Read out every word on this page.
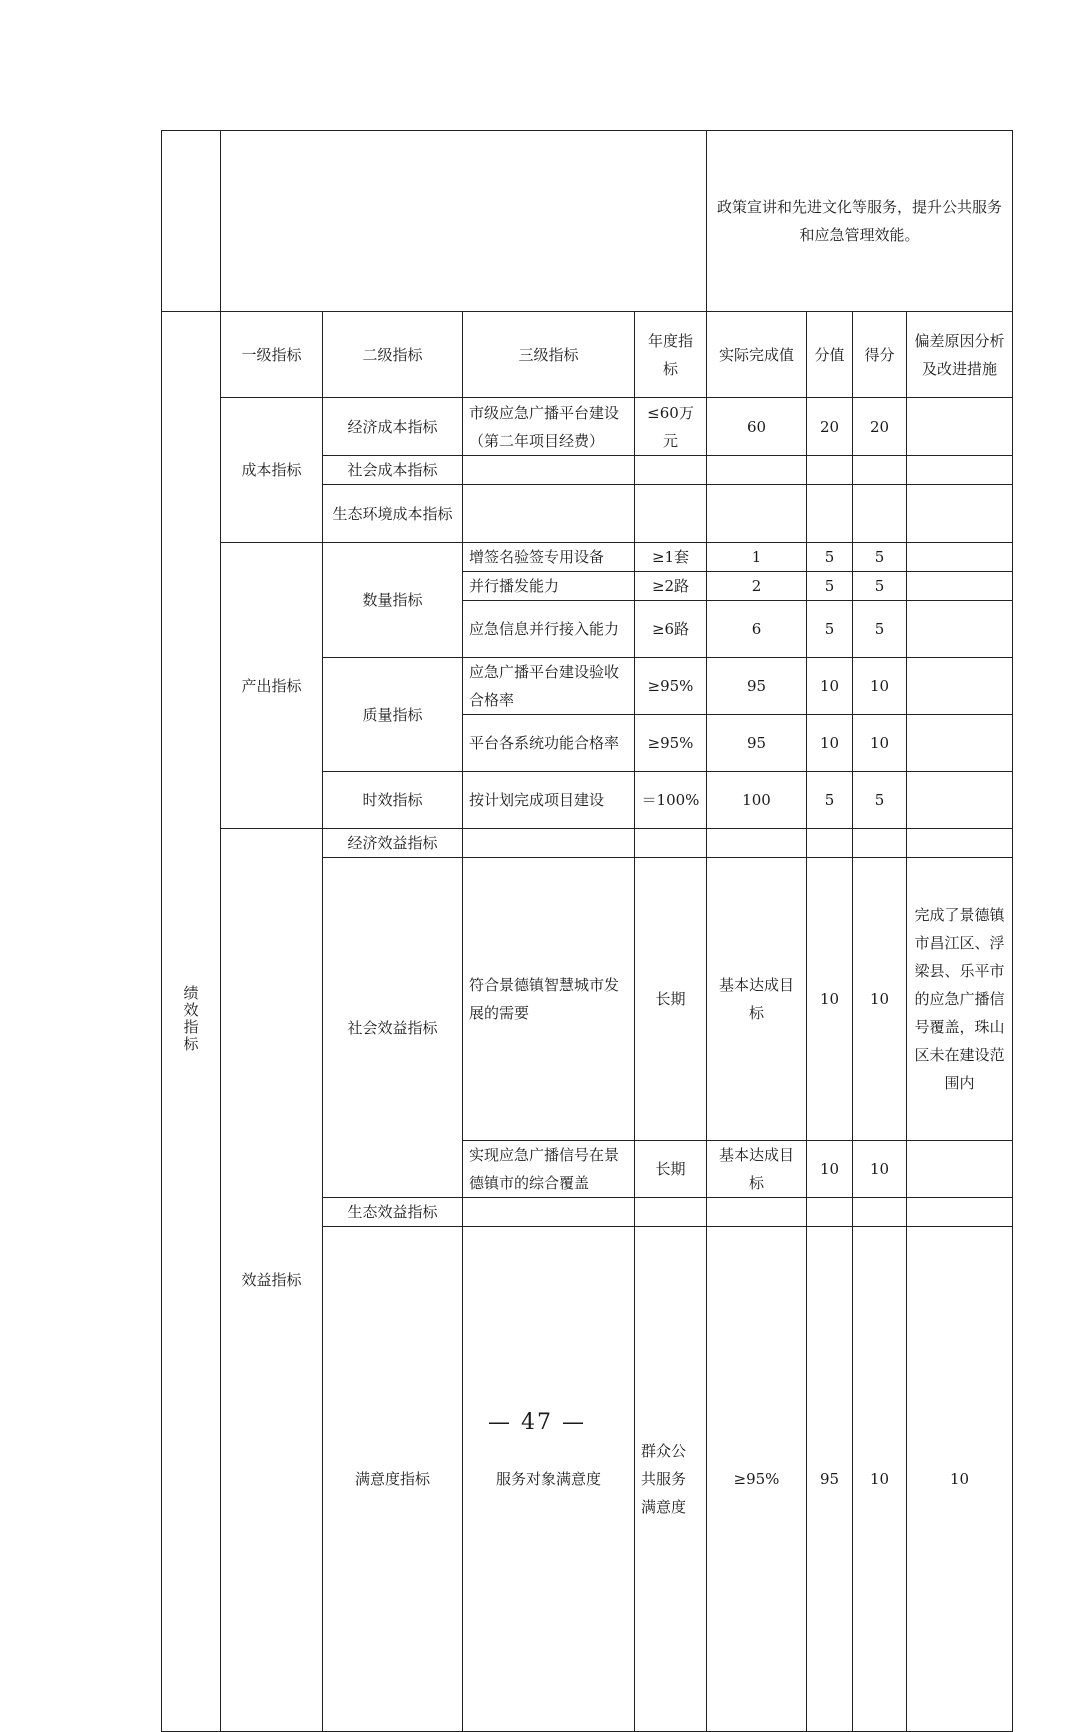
					政策宣讲和先进文化等服务，提升公共服务和应急管理效能。				
绩效指标	一级指标	二级指标	三级指标	年度指标	实际完成值	分值	得分	偏差原因分析及改进措施	
	成本指标	经济成本指标	市级应急广播平台建设（第二年项目经费）	≤60万元	60	20	20		
		社会成本指标							
		生态环境成本指标							
	产出指标	数量指标	增签名验签专用设备	≥1套	1	5	5		
			并行播发能力	≥2路	2	5	5		
			应急信息并行接入能力	≥6路	6	5	5		
		质量指标	应急广播平台建设验收合格率	≥95%	95	10	10		
			平台各系统功能合格率	≥95%	95	10	10		
		时效指标	按计划完成项目建设	＝100%	100	5	5		
	效益指标	经济效益指标							
		社会效益指标	符合景德镇智慧城市发展的需要	长期	基本达成目标	10	10	完成了景德镇市昌江区、浮梁县、乐平市的应急广播信号覆盖，珠山区未在建设范围内	
			实现应急广播信号在景德镇市的综合覆盖	长期	基本达成目标	10	10		
		生态效益指标							
		满意度指标	服务对象满意度	群众公共服务满意度	≥95%	95	10	10	
— 47 —
